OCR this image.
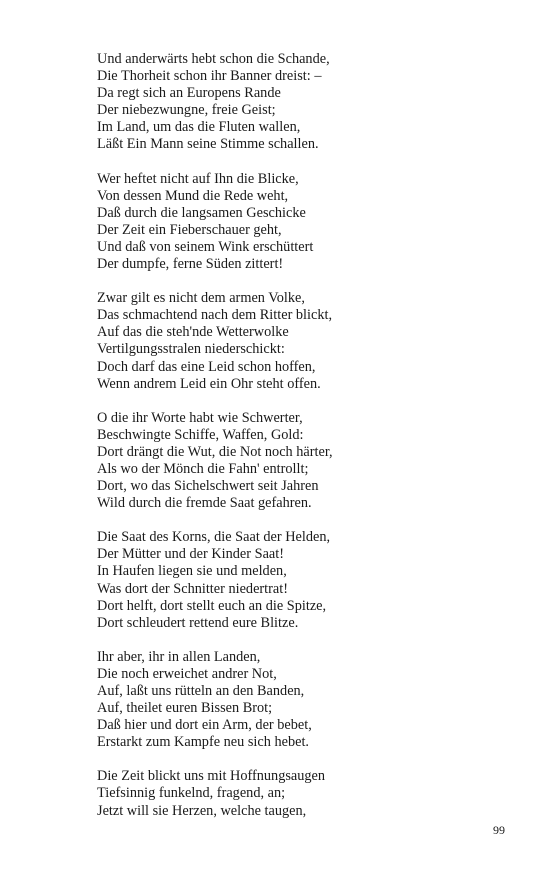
Und anderwärts hebt schon die Schande,
Die Thorheit schon ihr Banner dreist: –
Da regt sich an Europens Rande
Der niebezwungne, freie Geist;
Im Land, um das die Fluten wallen,
Läßt Ein Mann seine Stimme schallen.
Wer heftet nicht auf Ihn die Blicke,
Von dessen Mund die Rede weht,
Daß durch die langsamen Geschicke
Der Zeit ein Fieberschauer geht,
Und daß von seinem Wink erschüttert
Der dumpfe, ferne Süden zittert!
Zwar gilt es nicht dem armen Volke,
Das schmachtend nach dem Ritter blickt,
Auf das die steh'nde Wetterwolke
Vertilgungsstralen niederschickt:
Doch darf das eine Leid schon hoffen,
Wenn andrem Leid ein Ohr steht offen.
O die ihr Worte habt wie Schwerter,
Beschwingte Schiffe, Waffen, Gold:
Dort drängt die Wut, die Not noch härter,
Als wo der Mönch die Fahn' entrollt;
Dort, wo das Sichelschwert seit Jahren
Wild durch die fremde Saat gefahren.
Die Saat des Korns, die Saat der Helden,
Der Mütter und der Kinder Saat!
In Haufen liegen sie und melden,
Was dort der Schnitter niedertrat!
Dort helft, dort stellt euch an die Spitze,
Dort schleudert rettend eure Blitze.
Ihr aber, ihr in allen Landen,
Die noch erweichet andrer Not,
Auf, laßt uns rütteln an den Banden,
Auf, theilet euren Bissen Brot;
Daß hier und dort ein Arm, der bebet,
Erstarkt zum Kampfe neu sich hebet.
Die Zeit blickt uns mit Hoffnungsaugen
Tiefsinnig funkelnd, fragend, an;
Jetzt will sie Herzen, welche taugen,
99
